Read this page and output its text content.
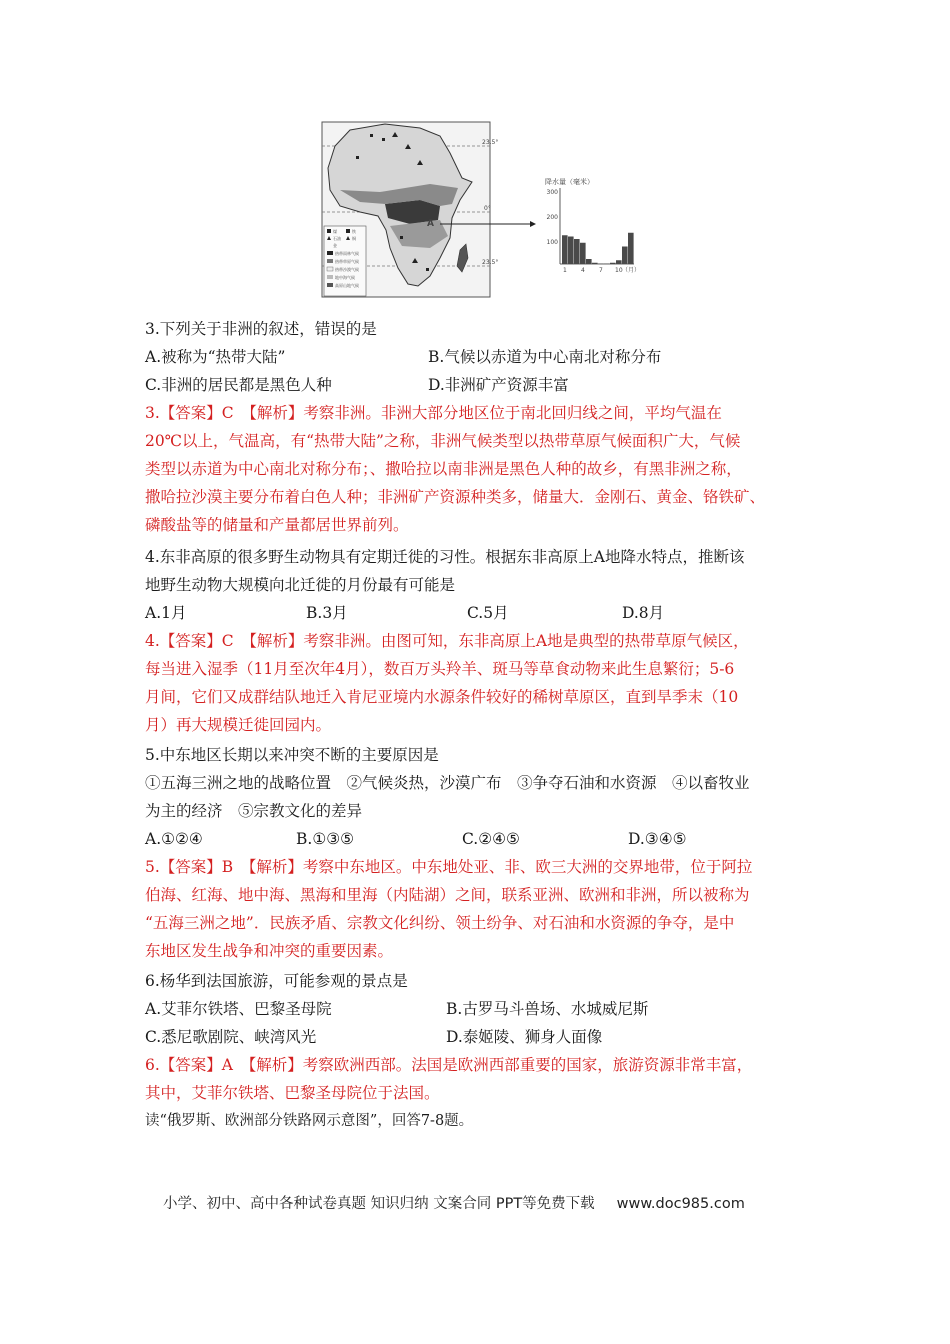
23.5°
0°
23.5°
A
煤	铁
石油	铜
金
热带雨林气候
热带草原气候
热带沙漠气候
地中海气候
高原山地气候
降水量（毫米）
300
200
100
1 4 7 10 （月）
3.下列关于非洲的叙述，错误的是
A.被称为“热带大陆”	B.气候以赤道为中心南北对称分布
C.非洲的居民都是黑色人种	D.非洲矿产资源丰富
3.【答案】C　【解析】考察非洲。非洲大部分地区位于南北回归线之间，平均气温在
20℃以上，气温高，有“热带大陆”之称，非洲气候类型以热带草原气候面积广大，气候
类型以赤道为中心南北对称分布；、撒哈拉以南非洲是黑色人种的故乡，有黑非洲之称，
撒哈拉沙漠主要分布着白色人种；非洲矿产资源种类多，储量大．金刚石、黄金、铬铁矿、
磷酸盐等的储量和产量都居世界前列。
4.东非高原的很多野生动物具有定期迁徙的习性。根据东非高原上A地降水特点，推断该
地野生动物大规模向北迁徙的月份最有可能是
A.1月	B.3月	C.5月	D.8月
4.【答案】C　【解析】考察非洲。由图可知，东非高原上A地是典型的热带草原气候区，
每当进入湿季（11月至次年4月），数百万头羚羊、斑马等草食动物来此生息繁衍；5-6
月间，它们又成群结队地迁入肯尼亚境内水源条件较好的稀树草原区，直到旱季末（10
月）再大规模迁徙回园内。
5.中东地区长期以来冲突不断的主要原因是
①五海三洲之地的战略位置　②气候炎热，沙漠广布　③争夺石油和水资源　④以畜牧业
为主的经济　⑤宗教文化的差异
A.①②④	B.①③⑤	C.②④⑤	D.③④⑤
5.【答案】B　【解析】考察中东地区。中东地处亚、非、欧三大洲的交界地带，位于阿拉
伯海、红海、地中海、黑海和里海（内陆湖）之间，联系亚洲、欧洲和非洲，所以被称为
“五海三洲之地”．民族矛盾、宗教文化纠纷、领土纷争、对石油和水资源的争夺，是中
东地区发生战争和冲突的重要因素。
6.杨华到法国旅游，可能参观的景点是
A.艾菲尔铁塔、巴黎圣母院	B.古罗马斗兽场、水城威尼斯
C.悉尼歌剧院、峡湾风光	D.泰姬陵、狮身人面像
6.【答案】A　【解析】考察欧洲西部。法国是欧洲西部重要的国家，旅游资源非常丰富，
其中，艾菲尔铁塔、巴黎圣母院位于法国。
读“俄罗斯、欧洲部分铁路网示意图”，回答7-8题。
小学、初中、高中各种试卷真题 知识归纳 文案合同 PPT等免费下载 www.doc985.com
